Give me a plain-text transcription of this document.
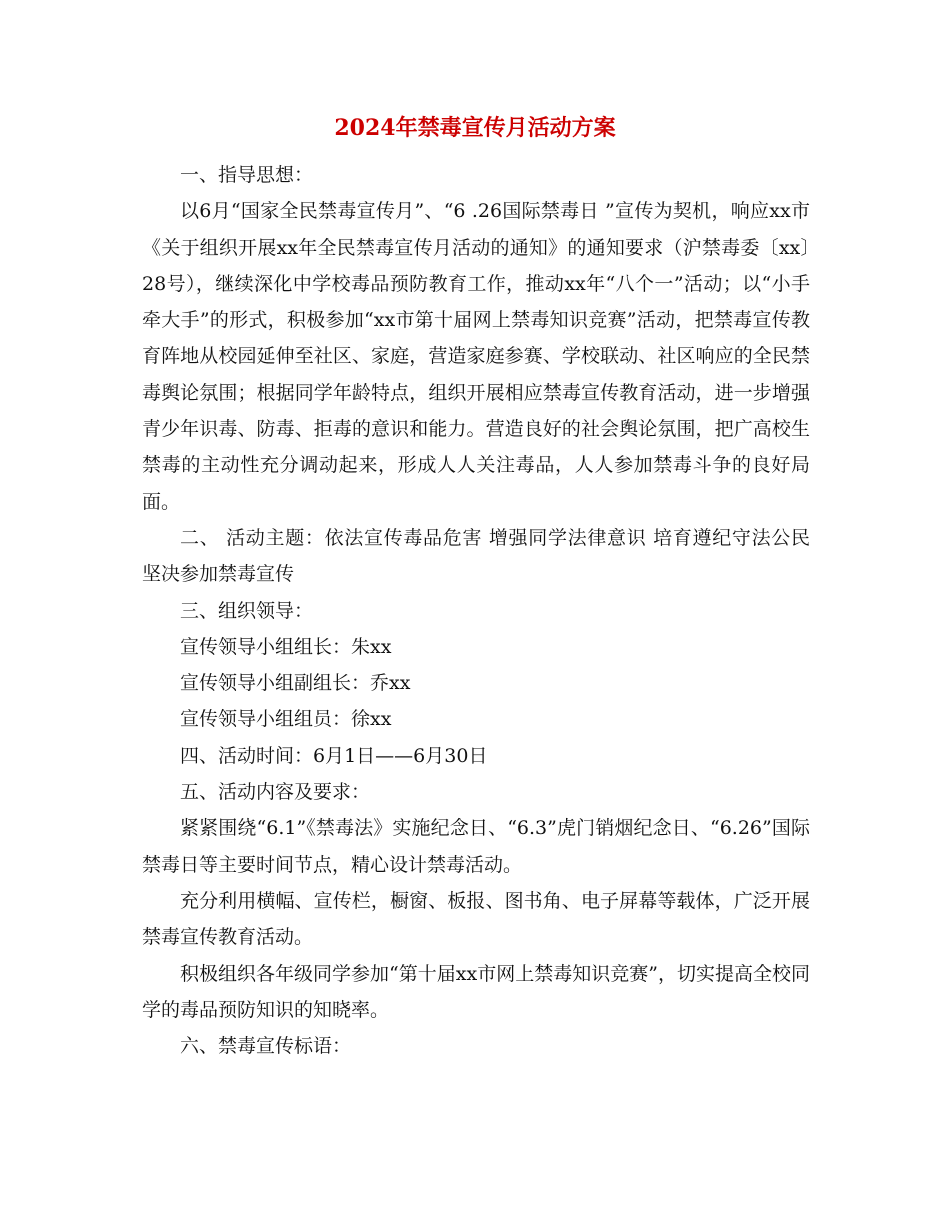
2024年禁毒宣传月活动方案

一、指导思想：

以6月“国家全民禁毒宣传月”、“6 .26国际禁毒日 ”宣传为契机，响应xx市《关于组织开展xx年全民禁毒宣传月活动的通知》的通知要求（沪禁毒委〔xx〕28号），继续深化中学校毒品预防教育工作，推动xx年“八个一”活动；以“小手牵大手”的形式，积极参加“xx市第十届网上禁毒知识竞赛”活动，把禁毒宣传教育阵地从校园延伸至社区、家庭，营造家庭参赛、学校联动、社区响应的全民禁毒舆论氛围；根据同学年龄特点，组织开展相应禁毒宣传教育活动，进一步增强青少年识毒、防毒、拒毒的意识和能力。营造良好的社会舆论氛围，把广高校生禁毒的主动性充分调动起来，形成人人关注毒品，人人参加禁毒斗争的良好局面。

二、 活动主题：依法宣传毒品危害 增强同学法律意识 培育遵纪守法公民 坚决参加禁毒宣传

三、组织领导：

宣传领导小组组长：朱xx

宣传领导小组副组长：乔xx

宣传领导小组组员：徐xx

四、活动时间：6月1日——6月30日

五、活动内容及要求：

紧紧围绕“6.1”《禁毒法》实施纪念日、“6.3”虎门销烟纪念日、“6.26”国际禁毒日等主要时间节点，精心设计禁毒活动。

充分利用横幅、宣传栏，橱窗、板报、图书角、电子屏幕等载体，广泛开展禁毒宣传教育活动。

积极组织各年级同学参加“第十届xx市网上禁毒知识竞赛”，切实提高全校同学的毒品预防知识的知晓率。

六、禁毒宣传标语：
